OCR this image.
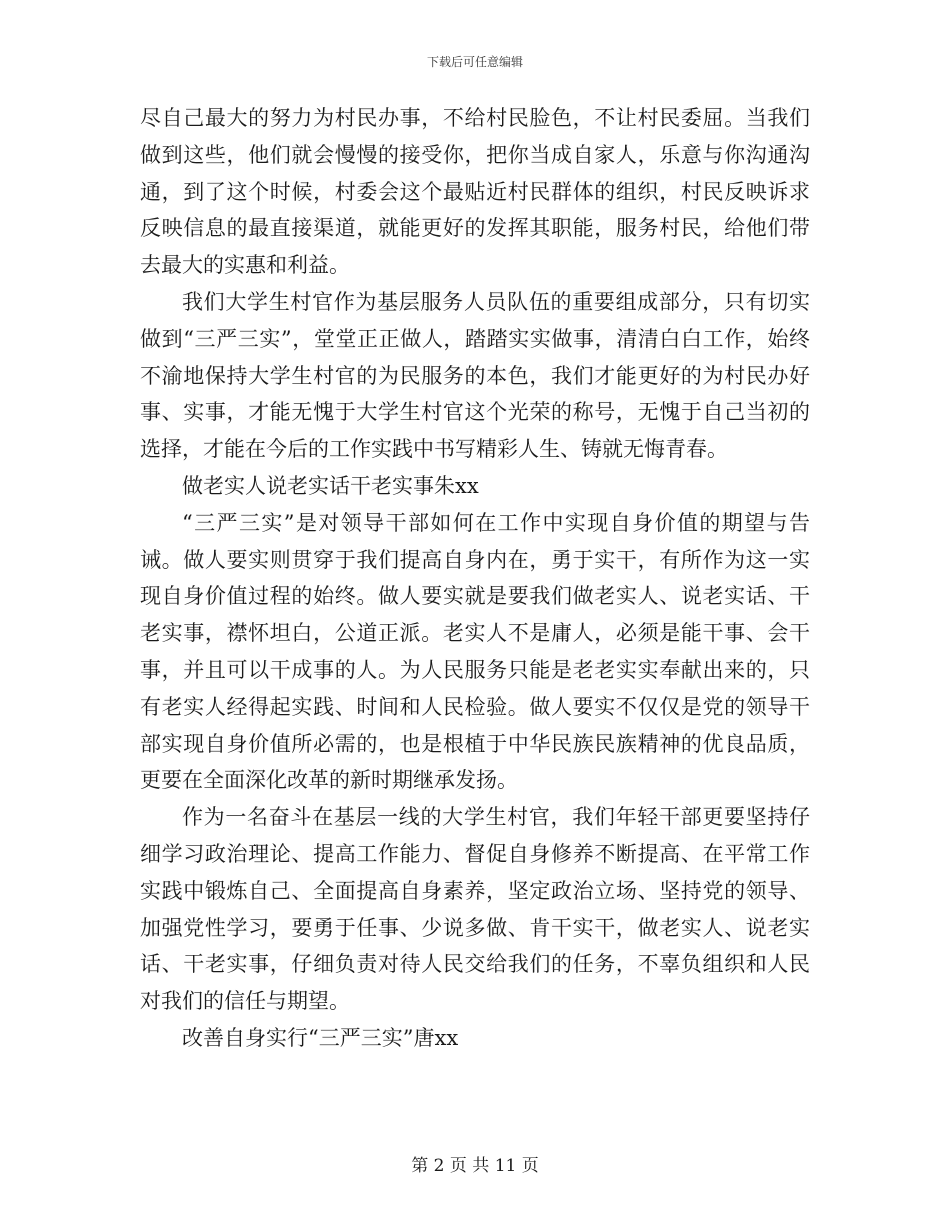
下载后可任意编辑

尽自己最大的努力为村民办事，不给村民脸色，不让村民委屈。当我们做到这些，他们就会慢慢的接受你，把你当成自家人，乐意与你沟通沟通，到了这个时候，村委会这个最贴近村民群体的组织，村民反映诉求反映信息的最直接渠道，就能更好的发挥其职能，服务村民，给他们带去最大的实惠和利益。

我们大学生村官作为基层服务人员队伍的重要组成部分，只有切实做到“三严三实”，堂堂正正做人，踏踏实实做事，清清白白工作，始终不渝地保持大学生村官的为民服务的本色，我们才能更好的为村民办好事、实事，才能无愧于大学生村官这个光荣的称号，无愧于自己当初的选择，才能在今后的工作实践中书写精彩人生、铸就无悔青春。

做老实人说老实话干老实事朱xx

“三严三实”是对领导干部如何在工作中实现自身价值的期望与告诫。做人要实则贯穿于我们提高自身内在，勇于实干，有所作为这一实现自身价值过程的始终。做人要实就是要我们做老实人、说老实话、干老实事，襟怀坦白，公道正派。老实人不是庸人，必须是能干事、会干事，并且可以干成事的人。为人民服务只能是老老实实奉献出来的，只有老实人经得起实践、时间和人民检验。做人要实不仅仅是党的领导干部实现自身价值所必需的，也是根植于中华民族民族精神的优良品质，更要在全面深化改革的新时期继承发扬。

作为一名奋斗在基层一线的大学生村官，我们年轻干部更要坚持仔细学习政治理论、提高工作能力、督促自身修养不断提高、在平常工作实践中锻炼自己、全面提高自身素养，坚定政治立场、坚持党的领导、加强党性学习，要勇于任事、少说多做、肯干实干，做老实人、说老实话、干老实事，仔细负责对待人民交给我们的任务，不辜负组织和人民对我们的信任与期望。

改善自身实行“三严三实”唐xx

第 2 页 共 11 页
